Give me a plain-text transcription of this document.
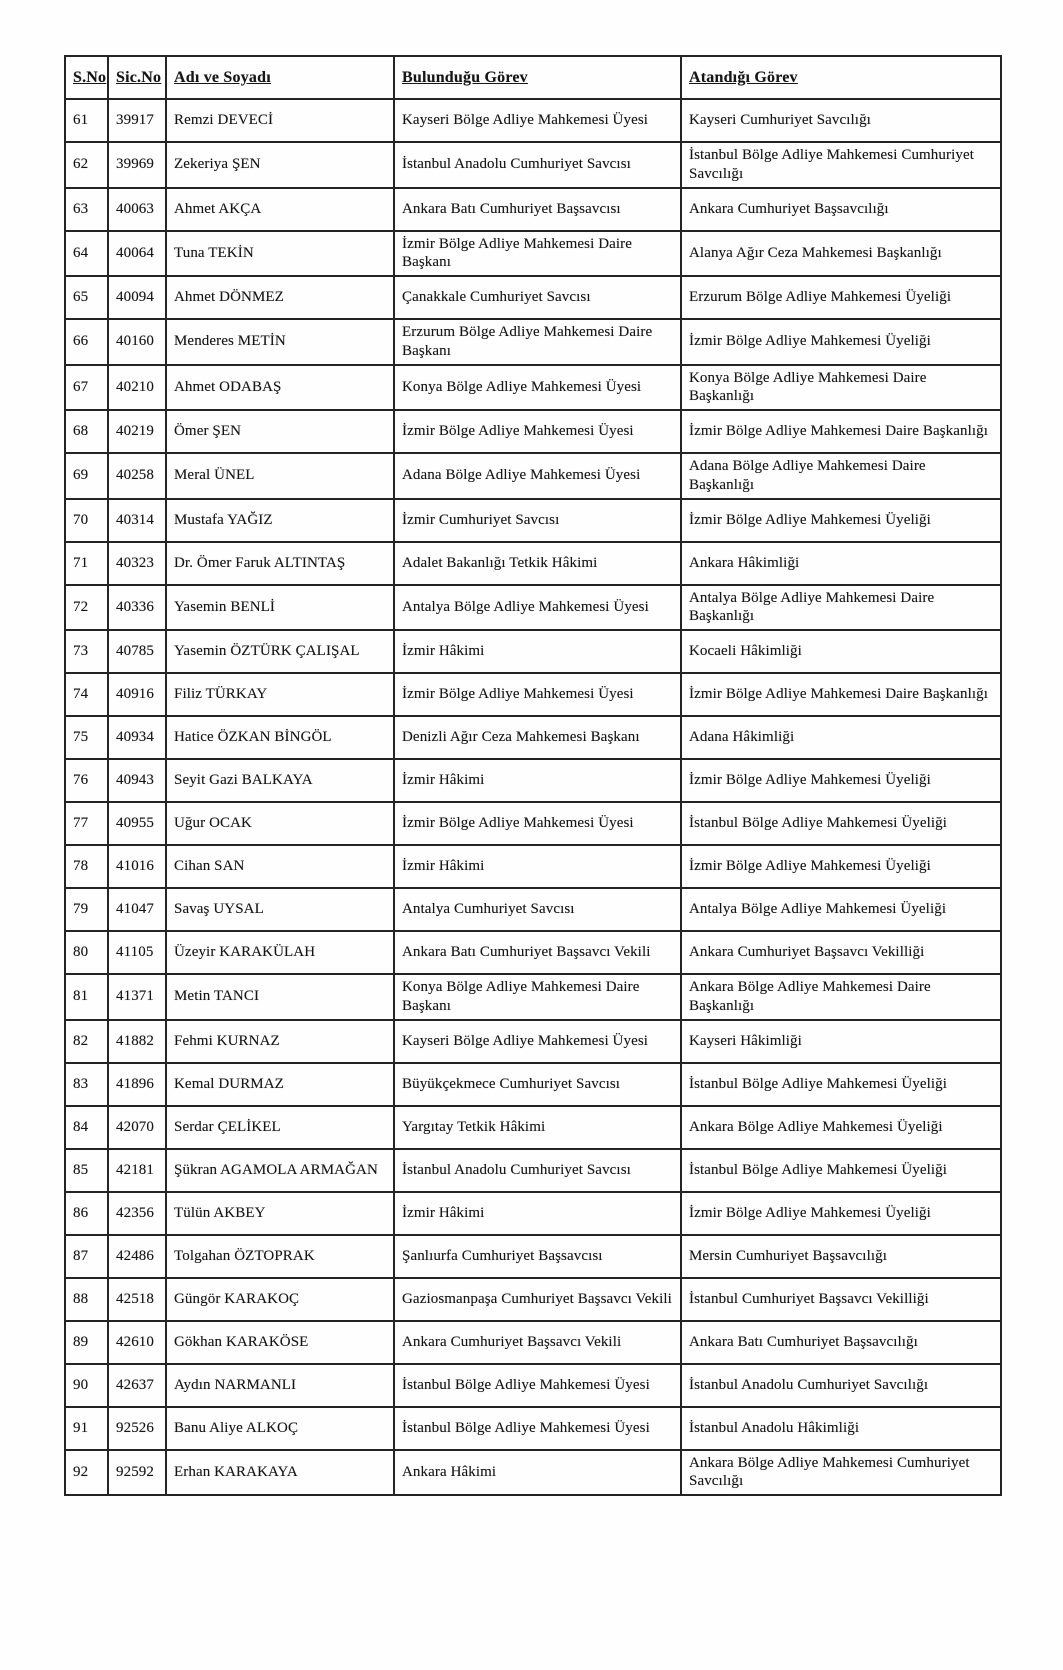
S.No	Sic.No	Adı ve Soyadı	Bulunduğu Görev	Atandığı Görev
61	39917	Remzi DEVECİ	Kayseri Bölge Adliye Mahkemesi Üyesi	Kayseri Cumhuriyet Savcılığı
62	39969	Zekeriya ŞEN	İstanbul Anadolu Cumhuriyet Savcısı	İstanbul Bölge Adliye Mahkemesi Cumhuriyet Savcılığı
63	40063	Ahmet AKÇA	Ankara Batı Cumhuriyet Başsavcısı	Ankara Cumhuriyet Başsavcılığı
64	40064	Tuna TEKİN	İzmir Bölge Adliye Mahkemesi Daire Başkanı	Alanya Ağır Ceza Mahkemesi Başkanlığı
65	40094	Ahmet DÖNMEZ	Çanakkale Cumhuriyet Savcısı	Erzurum Bölge Adliye Mahkemesi Üyeliği
66	40160	Menderes METİN	Erzurum Bölge Adliye Mahkemesi Daire Başkanı	İzmir Bölge Adliye Mahkemesi Üyeliği
67	40210	Ahmet ODABAŞ	Konya Bölge Adliye Mahkemesi Üyesi	Konya Bölge Adliye Mahkemesi Daire Başkanlığı
68	40219	Ömer ŞEN	İzmir Bölge Adliye Mahkemesi Üyesi	İzmir Bölge Adliye Mahkemesi Daire Başkanlığı
69	40258	Meral ÜNEL	Adana Bölge Adliye Mahkemesi Üyesi	Adana Bölge Adliye Mahkemesi Daire Başkanlığı
70	40314	Mustafa YAĞIZ	İzmir Cumhuriyet Savcısı	İzmir Bölge Adliye Mahkemesi Üyeliği
71	40323	Dr. Ömer Faruk ALTINTAŞ	Adalet Bakanlığı Tetkik Hâkimi	Ankara Hâkimliği
72	40336	Yasemin BENLİ	Antalya Bölge Adliye Mahkemesi Üyesi	Antalya Bölge Adliye Mahkemesi Daire Başkanlığı
73	40785	Yasemin ÖZTÜRK ÇALIŞAL	İzmir Hâkimi	Kocaeli Hâkimliği
74	40916	Filiz TÜRKAY	İzmir Bölge Adliye Mahkemesi Üyesi	İzmir Bölge Adliye Mahkemesi Daire Başkanlığı
75	40934	Hatice ÖZKAN BİNGÖL	Denizli Ağır Ceza Mahkemesi Başkanı	Adana Hâkimliği
76	40943	Seyit Gazi BALKAYA	İzmir Hâkimi	İzmir Bölge Adliye Mahkemesi Üyeliği
77	40955	Uğur OCAK	İzmir Bölge Adliye Mahkemesi Üyesi	İstanbul Bölge Adliye Mahkemesi Üyeliği
78	41016	Cihan SAN	İzmir Hâkimi	İzmir Bölge Adliye Mahkemesi Üyeliği
79	41047	Savaş UYSAL	Antalya Cumhuriyet Savcısı	Antalya Bölge Adliye Mahkemesi Üyeliği
80	41105	Üzeyir KARAKÜLAH	Ankara Batı Cumhuriyet Başsavcı Vekili	Ankara Cumhuriyet Başsavcı Vekilliği
81	41371	Metin TANCI	Konya Bölge Adliye Mahkemesi Daire Başkanı	Ankara Bölge Adliye Mahkemesi Daire Başkanlığı
82	41882	Fehmi KURNAZ	Kayseri Bölge Adliye Mahkemesi Üyesi	Kayseri Hâkimliği
83	41896	Kemal DURMAZ	Büyükçekmece Cumhuriyet Savcısı	İstanbul Bölge Adliye Mahkemesi Üyeliği
84	42070	Serdar ÇELİKEL	Yargıtay Tetkik Hâkimi	Ankara Bölge Adliye Mahkemesi Üyeliği
85	42181	Şükran AGAMOLA ARMAĞAN	İstanbul Anadolu Cumhuriyet Savcısı	İstanbul Bölge Adliye Mahkemesi Üyeliği
86	42356	Tülün AKBEY	İzmir Hâkimi	İzmir Bölge Adliye Mahkemesi Üyeliği
87	42486	Tolgahan ÖZTOPRAK	Şanlıurfa Cumhuriyet Başsavcısı	Mersin Cumhuriyet Başsavcılığı
88	42518	Güngör KARAKOÇ	Gaziosmanpaşa Cumhuriyet Başsavcı Vekili	İstanbul Cumhuriyet Başsavcı Vekilliği
89	42610	Gökhan KARAKÖSE	Ankara Cumhuriyet Başsavcı Vekili	Ankara Batı Cumhuriyet Başsavcılığı
90	42637	Aydın NARMANLI	İstanbul Bölge Adliye Mahkemesi Üyesi	İstanbul Anadolu Cumhuriyet Savcılığı
91	92526	Banu Aliye ALKOÇ	İstanbul Bölge Adliye Mahkemesi Üyesi	İstanbul Anadolu Hâkimliği
92	92592	Erhan KARAKAYA	Ankara Hâkimi	Ankara Bölge Adliye Mahkemesi Cumhuriyet Savcılığı
